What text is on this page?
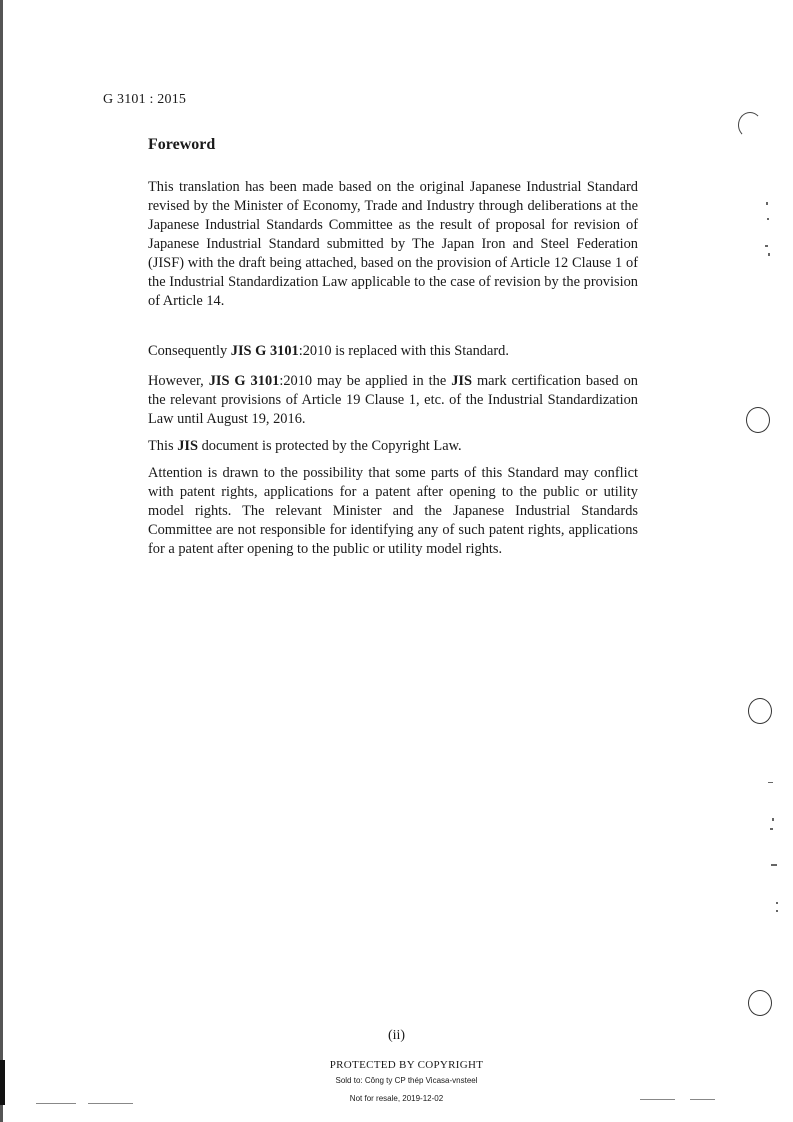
G 3101 : 2015
Foreword
This translation has been made based on the original Japanese Industrial Standard revised by the Minister of Economy, Trade and Industry through deliberations at the Japanese Industrial Standards Committee as the result of proposal for revision of Japanese Industrial Standard submitted by The Japan Iron and Steel Federation (JISF) with the draft being attached, based on the provision of Article 12 Clause 1 of the Industrial Standardization Law applicable to the case of revision by the provision of Article 14.
Consequently JIS G 3101:2010 is replaced with this Standard.
However, JIS G 3101:2010 may be applied in the JIS mark certification based on the relevant provisions of Article 19 Clause 1, etc. of the Industrial Standardization Law until August 19, 2016.
This JIS document is protected by the Copyright Law.
Attention is drawn to the possibility that some parts of this Standard may conflict with patent rights, applications for a patent after opening to the public or utility model rights. The relevant Minister and the Japanese Industrial Standards Committee are not responsible for identifying any of such patent rights, applications for a patent after opening to the public or utility model rights.
(ii)
PROTECTED BY COPYRIGHT
Sold to: Công ty CP thép Vicasa-vnsteel
Not for resale, 2019-12-02
